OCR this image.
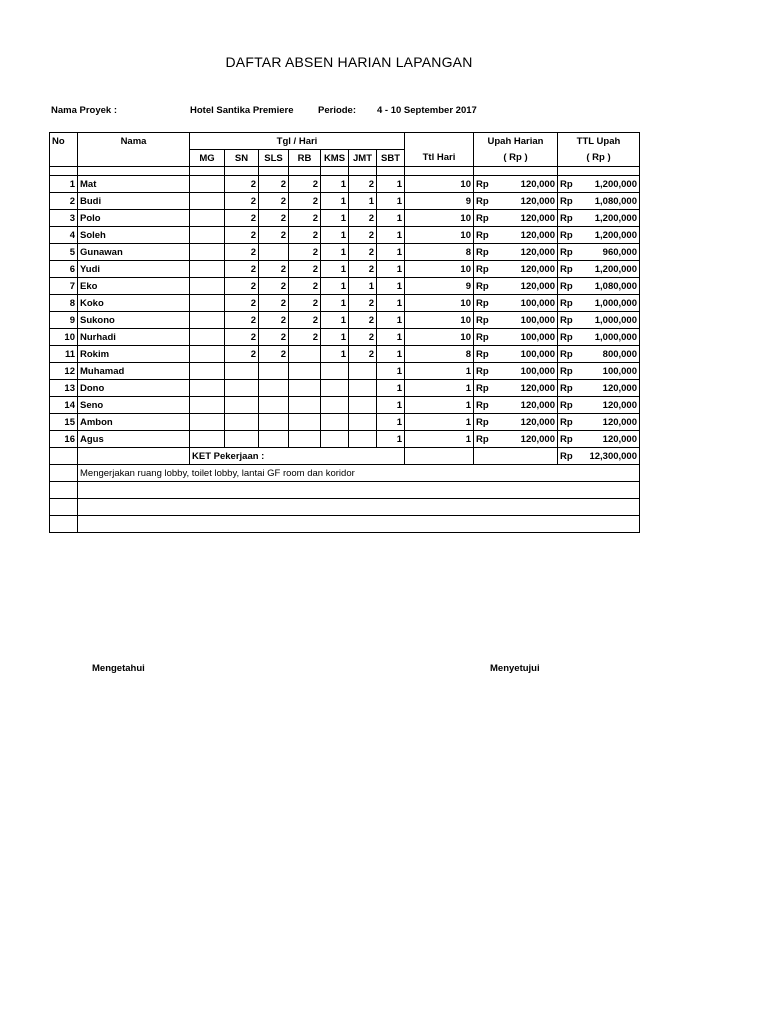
DAFTAR ABSEN HARIAN LAPANGAN
Nama Proyek :	Hotel Santika Premiere	Periode: 4 - 10 September 2017
No	Nama	Tgl / Hari								Upah Harian	TTL Upah
		MG	SN	SLS	RB	KMS	JMT	SBT	Ttl Hari	( Rp )	( Rp )

1	Mat		2	2	2	1	2	1	10	Rp 120,000	Rp 1,200,000

2	Budi		2	2	2	1	1	1	9	Rp 120,000	Rp 1,080,000

3	Polo		2	2	2	1	2	1	10	Rp 120,000	Rp 1,200,000

4	Soleh		2	2	2	1	2	1	10	Rp 120,000	Rp 1,200,000

5	Gunawan		2		2	1	2	1	8	Rp 120,000	Rp 960,000

6	Yudi		2	2	2	1	2	1	10	Rp 120,000	Rp 1,200,000

7	Eko		2	2	2	1	1	1	9	Rp 120,000	Rp 1,080,000

8	Koko		2	2	2	1	2	1	10	Rp 100,000	Rp 1,000,000

9	Sukono		2	2	2	1	2	1	10	Rp 100,000	Rp 1,000,000

10	Nurhadi		2	2	2	1	2	1	10	Rp 100,000	Rp 1,000,000

11	Rokim		2	2		1	2	1	8	Rp 100,000	Rp 800,000

12	Muhamad							1	1	Rp 100,000	Rp 100,000

13	Dono							1	1	Rp 120,000	Rp 120,000

14	Seno							1	1	Rp 120,000	Rp 120,000

15	Ambon							1	1	Rp 120,000	Rp 120,000

16	Agus							1	1	Rp 120,000	Rp 120,000

		KET Pekerjaan :									Rp 12,300,000

	Mengerjakan ruang lobby, toilet lobby, lantai GF room dan koridor										

Mengetahui	Menyetujui
